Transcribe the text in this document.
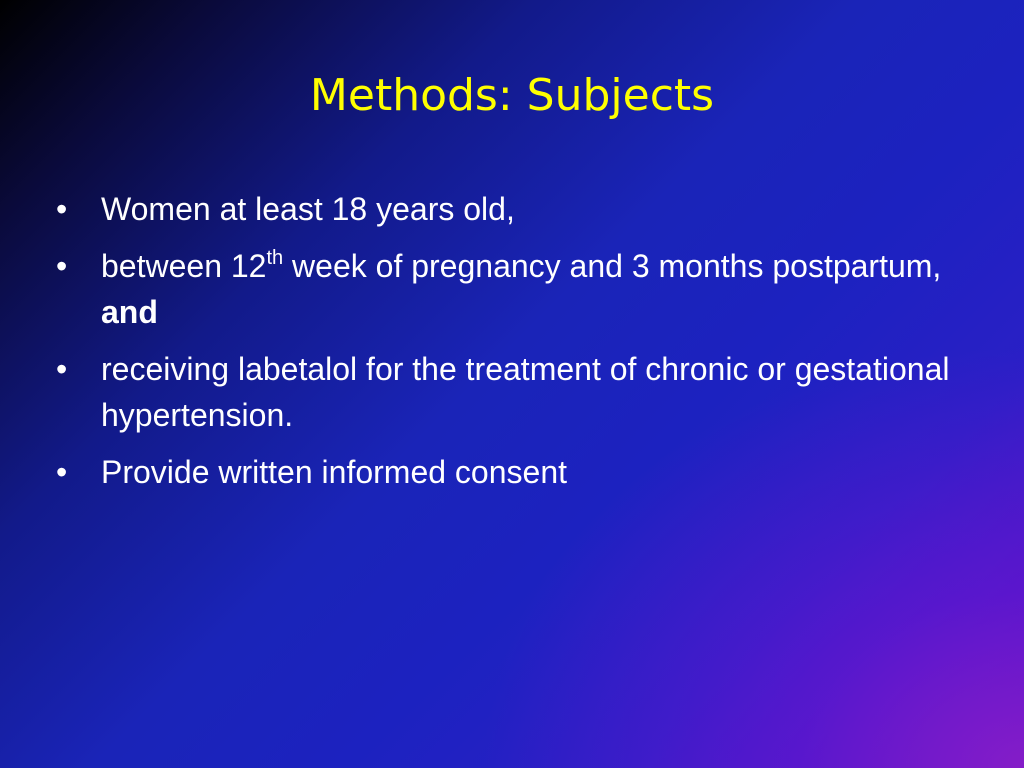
Methods: Subjects
•	Women at least 18 years old,
•	between 12th week of pregnancy and 3 months postpartum, and
•	receiving labetalol for the treatment of chronic or gestational hypertension.
•	Provide written informed consent
